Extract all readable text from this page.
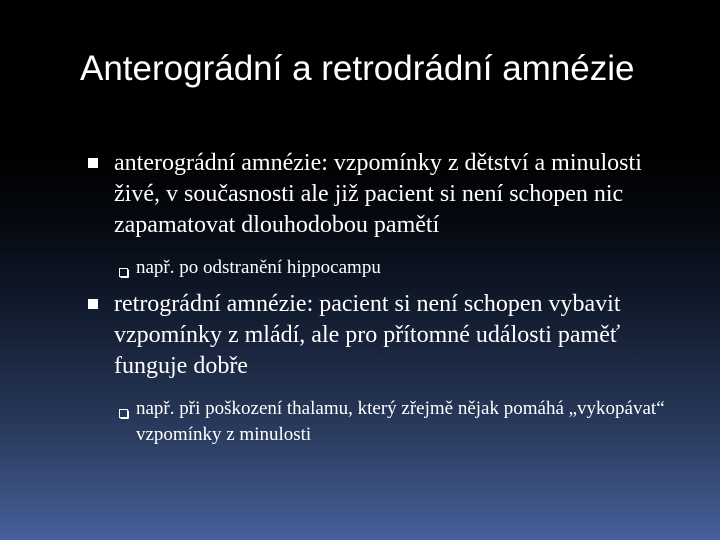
Anterográdní a retrodrádní amnézie
anterográdní amnézie: vzpomínky z dětství a minulosti živé, v současnosti ale již pacient si není schopen nic zapamatovat dlouhodobou pamětí
např. po odstranění hippocampu
retrográdní amnézie: pacient si není schopen vybavit vzpomínky z mládí, ale pro přítomné události paměť funguje dobře
např. při poškození thalamu, který zřejmě nějak pomáhá „vykopávat“ vzpomínky z minulosti
